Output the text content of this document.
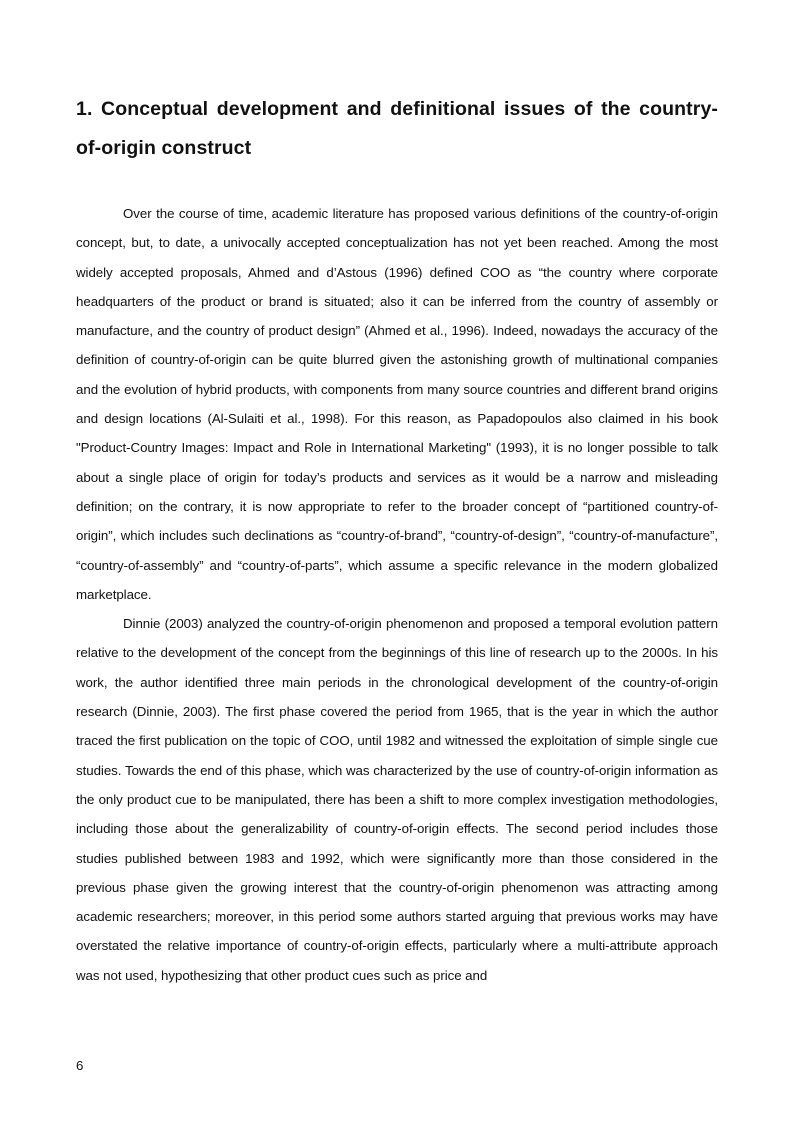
1. Conceptual development and definitional issues of the country-of-origin construct

Over the course of time, academic literature has proposed various definitions of the country-of-origin concept, but, to date, a univocally accepted conceptualization has not yet been reached. Among the most widely accepted proposals, Ahmed and d’Astous (1996) defined COO as “the country where corporate headquarters of the product or brand is situated; also it can be inferred from the country of assembly or manufacture, and the country of product design” (Ahmed et al., 1996). Indeed, nowadays the accuracy of the definition of country-of-origin can be quite blurred given the astonishing growth of multinational companies and the evolution of hybrid products, with components from many source countries and different brand origins and design locations (Al-Sulaiti et al., 1998). For this reason, as Papadopoulos also claimed in his book "Product-Country Images: Impact and Role in International Marketing" (1993), it is no longer possible to talk about a single place of origin for today’s products and services as it would be a narrow and misleading definition; on the contrary, it is now appropriate to refer to the broader concept of “partitioned country-of-origin”, which includes such declinations as “country-of-brand”, “country-of-design”, “country-of-manufacture”, “country-of-assembly” and “country-of-parts”, which assume a specific relevance in the modern globalized marketplace.

Dinnie (2003) analyzed the country-of-origin phenomenon and proposed a temporal evolution pattern relative to the development of the concept from the beginnings of this line of research up to the 2000s. In his work, the author identified three main periods in the chronological development of the country-of-origin research (Dinnie, 2003). The first phase covered the period from 1965, that is the year in which the author traced the first publication on the topic of COO, until 1982 and witnessed the exploitation of simple single cue studies. Towards the end of this phase, which was characterized by the use of country-of-origin information as the only product cue to be manipulated, there has been a shift to more complex investigation methodologies, including those about the generalizability of country-of-origin effects. The second period includes those studies published between 1983 and 1992, which were significantly more than those considered in the previous phase given the growing interest that the country-of-origin phenomenon was attracting among academic researchers; moreover, in this period some authors started arguing that previous works may have overstated the relative importance of country-of-origin effects, particularly where a multi-attribute approach was not used, hypothesizing that other product cues such as price and

6
